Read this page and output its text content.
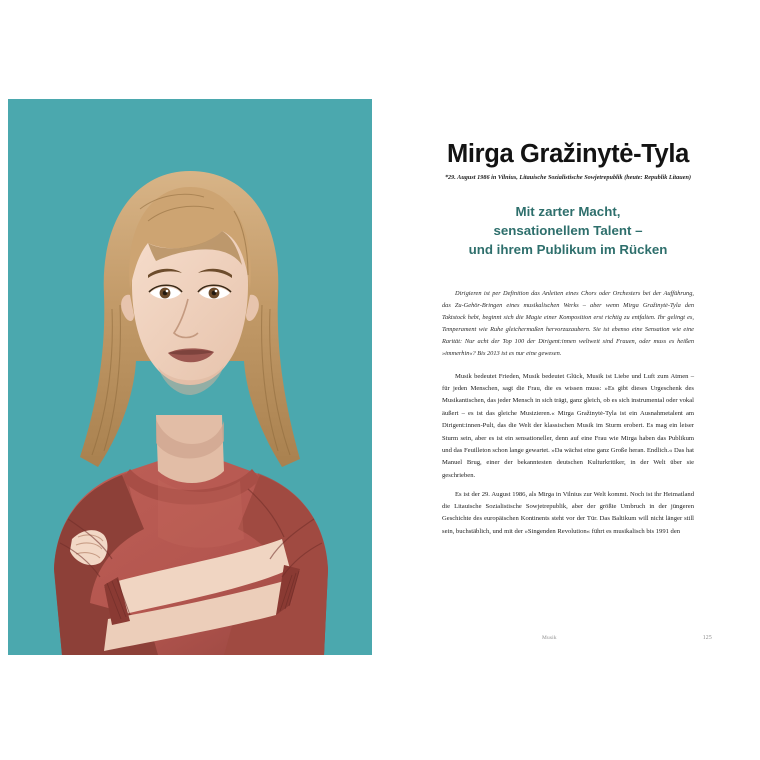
Mirga Gražinytė-Tyla

*29. August 1986 in Vilnius, Litauische Sozialistische Sowjetrepublik (heute: Republik Litauen)

Mit zarter Macht,
sensationellem Talent –
und ihrem Publikum im Rücken

Dirigieren ist per Definition das Anleiten eines Chors oder Orchesters bei der Aufführung, das Zu-Gehör-Bringen eines musikalischen Werks – aber wenn Mirga Gražinytė-Tyla den Taktstock hebt, beginnt sich die Magie einer Komposition erst richtig zu entfalten. Ihr gelingt es, Temperament wie Ruhe gleichermaßen hervorzuzaubern. Sie ist ebenso eine Sensation wie eine Rarität: Nur acht der Top 100 der Dirigent:innen weltweit sind Frauen, oder muss es heißen »immerhin«? Bis 2013 ist es nur eine gewesen.

Musik bedeutet Frieden, Musik bedeutet Glück, Musik ist Liebe und Luft zum Atmen – für jeden Menschen, sagt die Frau, die es wissen muss: »Es gibt dieses Urgeschenk des Musikantischen, das jeder Mensch in sich trägt, ganz gleich, ob es sich instrumental oder vokal äußert – es ist das gleiche Musizieren.« Mirga Gražinytė-Tyla ist ein Ausnahmetalent am Dirigent:innen-Pult, das die Welt der klassischen Musik im Sturm erobert. Es mag ein leiser Sturm sein, aber es ist ein sensationeller, denn auf eine Frau wie Mirga haben das Publikum und das Feuilleton schon lange gewartet. »Da wächst eine ganz Große heran. Endlich.« Das hat Manuel Brug, einer der bekanntesten deutschen Kulturkritiker, in der Welt über sie geschrieben.

Es ist der 29. August 1986, als Mirga in Vilnius zur Welt kommt. Noch ist ihr Heimatland die Litauische Sozialistische Sowjetrepublik, aber der größte Umbruch in der jüngeren Geschichte des europäischen Kontinents steht vor der Tür. Das Baltikum will nicht länger still sein, buchstäblich, und mit der »Singenden Revolution« führt es musikalisch bis 1991 den

Musik	125
